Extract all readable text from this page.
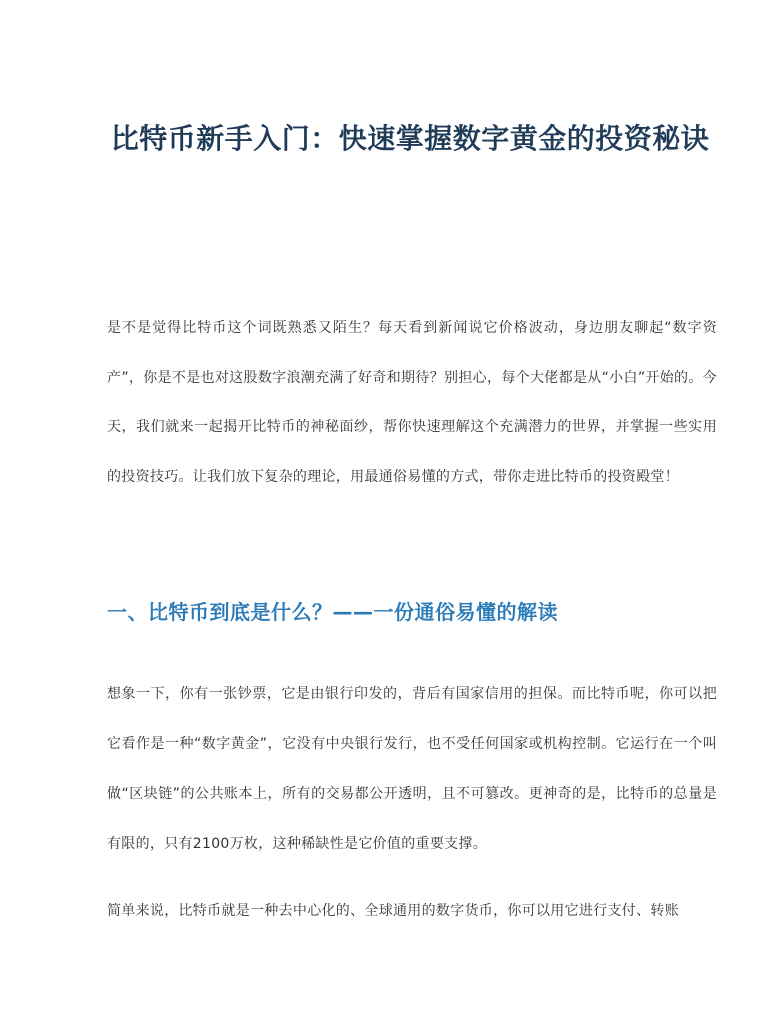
比特币新手入门：快速掌握数字黄金的投资秘诀

是不是觉得比特币这个词既熟悉又陌生？每天看到新闻说它价格波动，身边朋友聊起“数字资产”，你是不是也对这股数字浪潮充满了好奇和期待？别担心，每个大佬都是从“小白”开始的。今天，我们就来一起揭开比特币的神秘面纱，帮你快速理解这个充满潜力的世界，并掌握一些实用的投资技巧。让我们放下复杂的理论，用最通俗易懂的方式，带你走进比特币的投资殿堂！

一、比特币到底是什么？——一份通俗易懂的解读

想象一下，你有一张钞票，它是由银行印发的，背后有国家信用的担保。而比特币呢，你可以把它看作是一种“数字黄金”，它没有中央银行发行，也不受任何国家或机构控制。它运行在一个叫做“区块链”的公共账本上，所有的交易都公开透明，且不可篡改。更神奇的是，比特币的总量是有限的，只有2100万枚，这种稀缺性是它价值的重要支撑。

简单来说，比特币就是一种去中心化的、全球通用的数字货币，你可以用它进行支付、转账
